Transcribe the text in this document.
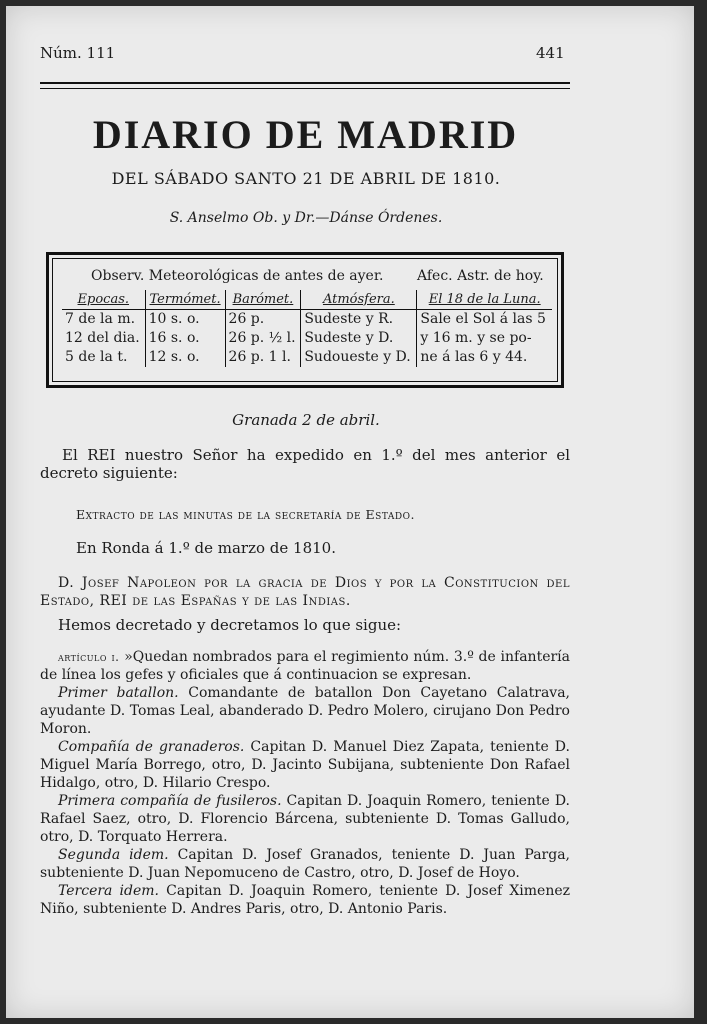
Núm. 111	441
DIARIO DE MADRID
DEL SÁBADO SANTO 21 DE ABRIL DE 1810.
S. Anselmo Ob. y Dr.—Dánse Órdenes.
Observ. Meteorológicas de antes de ayer. Afec. Astr. de hoy.
Epocas.	Termómet.	Barómet.	Atmósfera.	El 18 de la Luna.
7 de la m.	10 s. o.	26 p.	Sudeste y R.	Sale el Sol á las 5
12 del dia.	16 s. o.	26 p. ½ l.	Sudeste y D.	y 16 m. y se po-
5 de la t.	12 s. o.	26 p. 1 l.	Sudoueste y D.	ne á las 6 y 44.
Granada 2 de abril.
El REI nuestro Señor ha expedido en 1.º del mes anterior el decreto siguiente:
Extracto de las minutas de la secretaría de Estado.
En Ronda á 1.º de marzo de 1810.
D. Josef Napoleon por la gracia de Dios y por la Constitucion del Estado, REI de las Españas y de las Indias.
Hemos decretado y decretamos lo que sigue:
artículo i. »Quedan nombrados para el regimiento núm. 3.º de infantería de línea los gefes y oficiales que á continuacion se expresan.
Primer batallon. Comandante de batallon Don Cayetano Calatrava, ayudante D. Tomas Leal, abanderado D. Pedro Molero, cirujano Don Pedro Moron.
Compañía de granaderos. Capitan D. Manuel Diez Zapata, teniente D. Miguel María Borrego, otro, D. Jacinto Subijana, subteniente Don Rafael Hidalgo, otro, D. Hilario Crespo.
Primera compañía de fusileros. Capitan D. Joaquin Romero, teniente D. Rafael Saez, otro, D. Florencio Bárcena, subteniente D. Tomas Galludo, otro, D. Torquato Herrera.
Segunda idem. Capitan D. Josef Granados, teniente D. Juan Parga, subteniente D. Juan Nepomuceno de Castro, otro, D. Josef de Hoyo.
Tercera idem. Capitan D. Joaquin Romero, teniente D. Josef Ximenez Niño, subteniente D. Andres Paris, otro, D. Antonio Paris.
